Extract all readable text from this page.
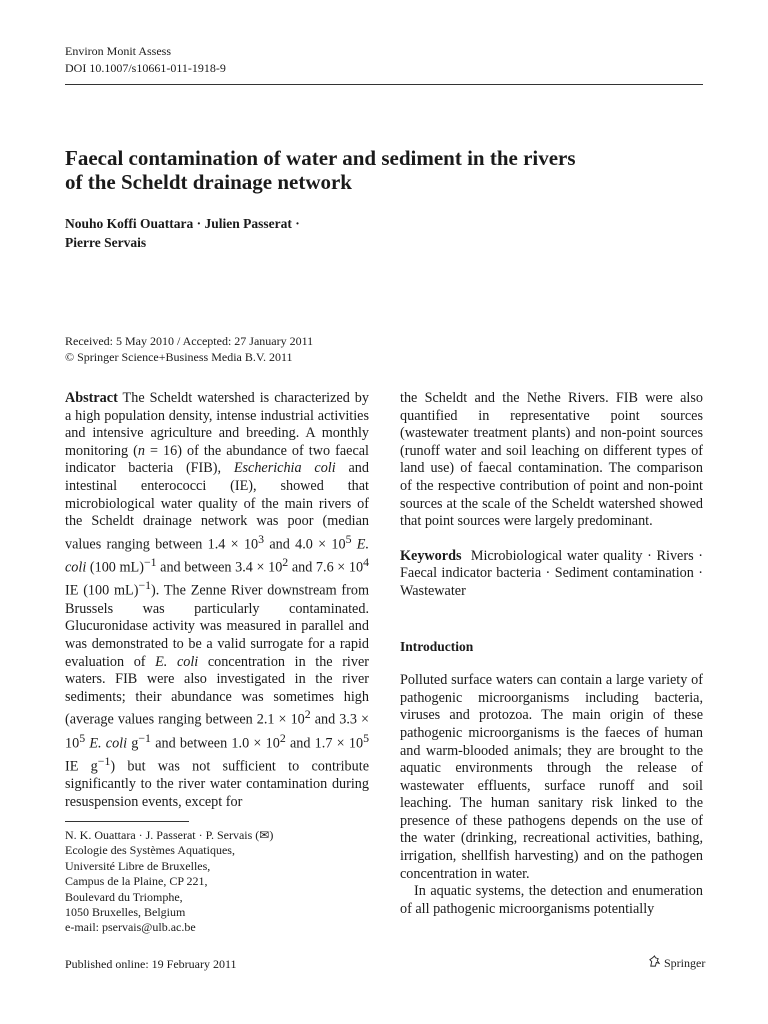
Environ Monit Assess
DOI 10.1007/s10661-011-1918-9
Faecal contamination of water and sediment in the rivers
of the Scheldt drainage network
Nouho Koffi Ouattara · Julien Passerat ·
Pierre Servais
Received: 5 May 2010 / Accepted: 27 January 2011
© Springer Science+Business Media B.V. 2011

Abstract The Scheldt watershed is characterized by a high population density, intense industrial activities and intensive agriculture and breeding. A monthly monitoring (n = 16) of the abundance of two faecal indicator bacteria (FIB), Escherichia coli and intestinal enterococci (IE), showed that microbiological water quality of the main rivers of the Scheldt drainage network was poor (median values ranging between $1.4 \times 10^3$ and $4.0 \times 10^5$ E. coli (100 mL)$^{-1}$ and between $3.4 \times 10^2$ and $7.6 \times 10^4$ IE (100 mL)$^{-1}$). The Zenne River downstream from Brussels was particularly contaminated. Glucuronidase activity was measured in parallel and was demonstrated to be a valid surrogate for a rapid evaluation of E. coli concentration in the river waters. FIB were also investigated in the river sediments; their abundance was sometimes high (average values ranging between $2.1 \times 10^2$ and $3.3 \times 10^5$ E. coli $g^{-1}$ and between $1.0 \times 10^2$ and $1.7 \times 10^5$ IE $g^{-1}$) but was not sufficient to contribute significantly to the river water contamination during resuspension events, except for

the Scheldt and the Nethe Rivers. FIB were also quantified in representative point sources (wastewater treatment plants) and non-point sources (runoff water and soil leaching on different types of land use) of faecal contamination. The comparison of the respective contribution of point and non-point sources at the scale of the Scheldt watershed showed that point sources were largely predominant.

Keywords Microbiological water quality · Rivers · Faecal indicator bacteria · Sediment contamination · Wastewater

Introduction

Polluted surface waters can contain a large variety of pathogenic microorganisms including bacteria, viruses and protozoa. The main origin of these pathogenic microorganisms is the faeces of human and warm-blooded animals; they are brought to the aquatic environments through the release of wastewater effluents, surface runoff and soil leaching. The human sanitary risk linked to the presence of these pathogens depends on the use of the water (drinking, recreational activities, bathing, irrigation, shellfish harvesting) and on the pathogen concentration in water.

In aquatic systems, the detection and enumeration of all pathogenic microorganisms potentially

N. K. Ouattara · J. Passerat · P. Servais (✉)
Ecologie des Systèmes Aquatiques,
Université Libre de Bruxelles,
Campus de la Plaine, CP 221,
Boulevard du Triomphe,
1050 Bruxelles, Belgium
e-mail: pservais@ulb.ac.be
Published online: 19 February 2011	Springer
